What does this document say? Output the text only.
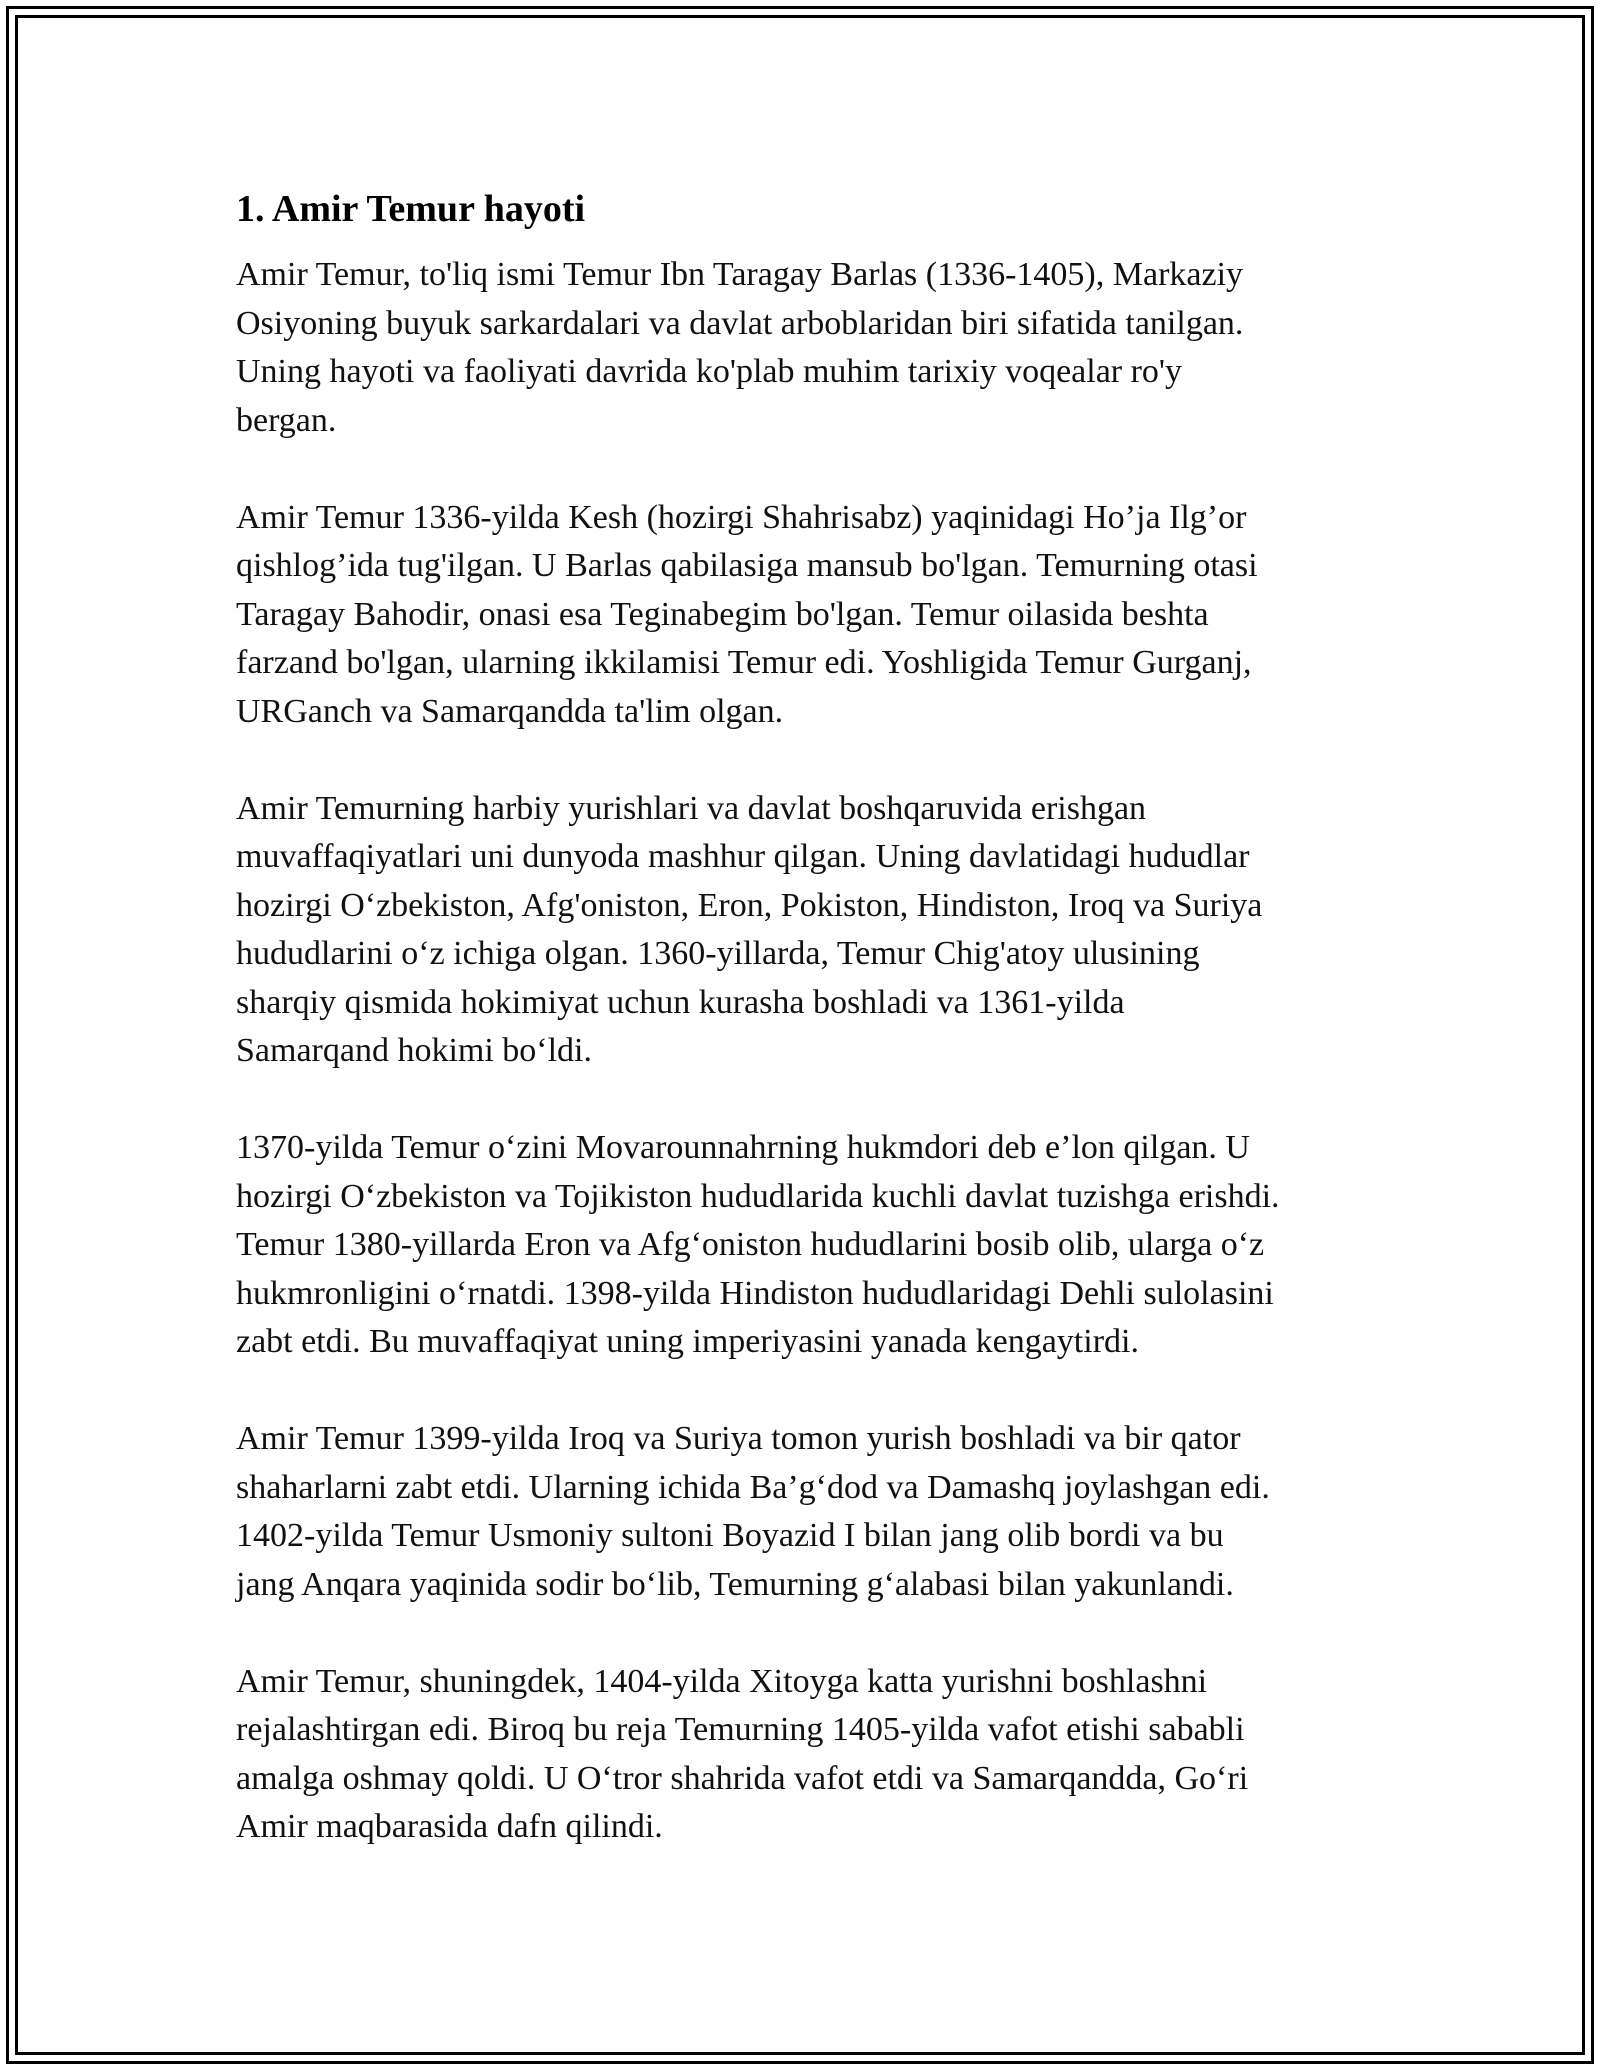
1. Amir Temur hayoti

Amir Temur, to'liq ismi Temur Ibn Taragay Barlas (1336-1405), Markaziy
Osiyoning buyuk sarkardalari va davlat arboblaridan biri sifatida tanilgan.
Uning hayoti va faoliyati davrida ko'plab muhim tarixiy voqealar ro'y
bergan.

Amir Temur 1336-yilda Kesh (hozirgi Shahrisabz) yaqinidagi Ho’ja Ilg’or
qishlog’ida tug'ilgan. U Barlas qabilasiga mansub bo'lgan. Temurning otasi
Taragay Bahodir, onasi esa Teginabegim bo'lgan. Temur oilasida beshta
farzand bo'lgan, ularning ikkilamisi Temur edi. Yoshligida Temur Gurganj,
URGanch va Samarqandda ta'lim olgan.

Amir Temurning harbiy yurishlari va davlat boshqaruvida erishgan
muvaffaqiyatlari uni dunyoda mashhur qilgan. Uning davlatidagi hududlar
hozirgi O‘zbekiston, Afg'oniston, Eron, Pokiston, Hindiston, Iroq va Suriya
hududlarini o‘z ichiga olgan. 1360-yillarda, Temur Chig'atoy ulusining
sharqiy qismida hokimiyat uchun kurasha boshladi va 1361-yilda
Samarqand hokimi bo‘ldi.

1370-yilda Temur o‘zini Movarounnahrning hukmdori deb e’lon qilgan. U
hozirgi O‘zbekiston va Tojikiston hududlarida kuchli davlat tuzishga erishdi.
Temur 1380-yillarda Eron va Afg‘oniston hududlarini bosib olib, ularga o‘z
hukmronligini o‘rnatdi. 1398-yilda Hindiston hududlaridagi Dehli sulolasini
zabt etdi. Bu muvaffaqiyat uning imperiyasini yanada kengaytirdi.

Amir Temur 1399-yilda Iroq va Suriya tomon yurish boshladi va bir qator
shaharlarni zabt etdi. Ularning ichida Ba’g‘dod va Damashq joylashgan edi.
1402-yilda Temur Usmoniy sultoni Boyazid I bilan jang olib bordi va bu
jang Anqara yaqinida sodir bo‘lib, Temurning g‘alabasi bilan yakunlandi.

Amir Temur, shuningdek, 1404-yilda Xitoyga katta yurishni boshlashni
rejalashtirgan edi. Biroq bu reja Temurning 1405-yilda vafot etishi sababli
amalga oshmay qoldi. U O‘tror shahrida vafot etdi va Samarqandda, Go‘ri
Amir maqbarasida dafn qilindi.
